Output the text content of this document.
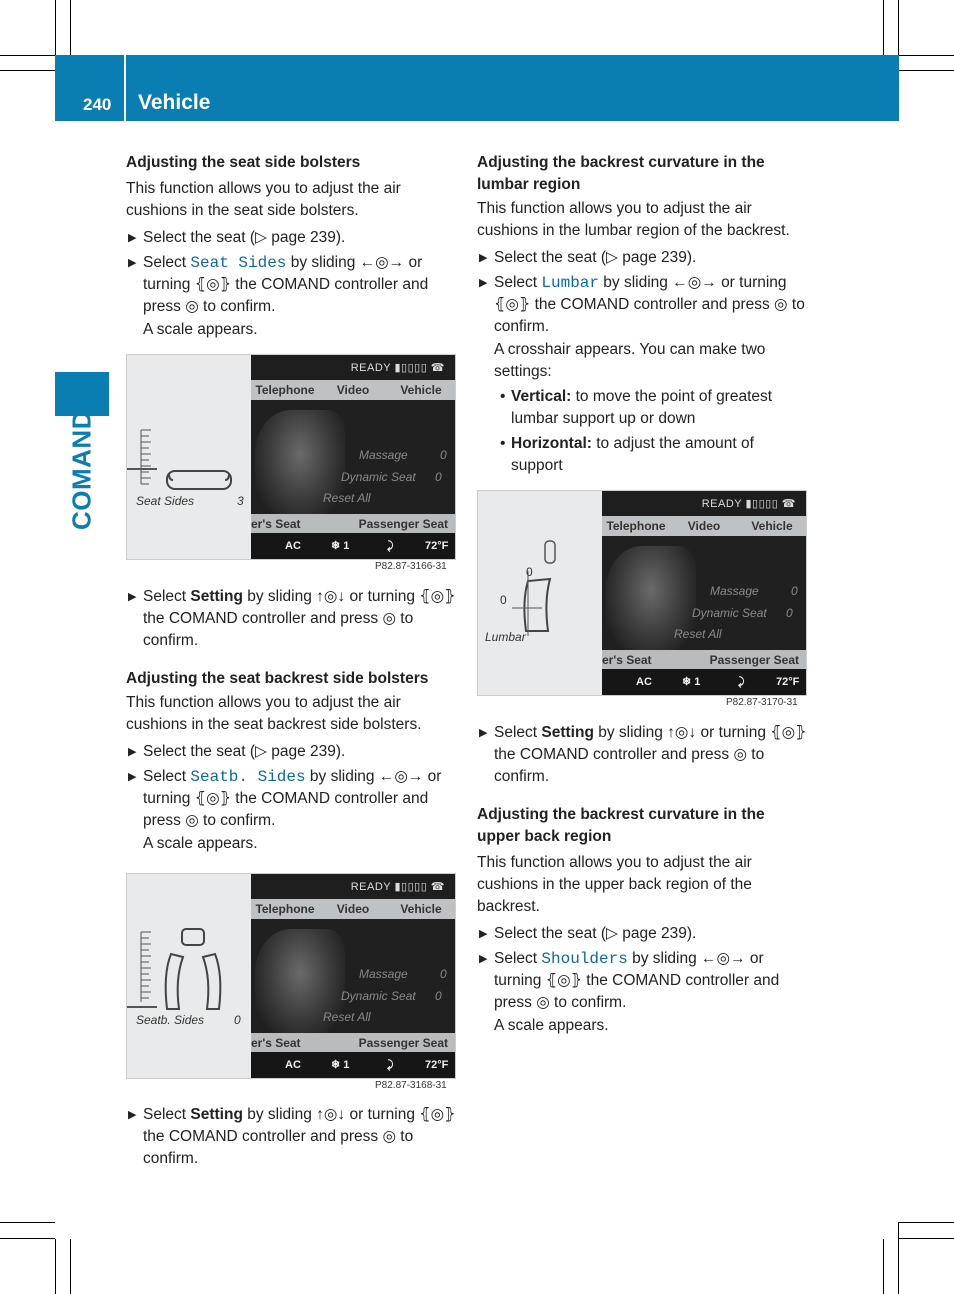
240 Vehicle
COMAND
Adjusting the seat side bolsters

This function allows you to adjust the air cushions in the seat side bolsters.

▶ Select the seat (▷ page 239).
▶ Select Seat Sides by sliding ←◎→ or turning ⦃◎⦄ the COMAND controller and press ◎ to confirm.
A scale appears.
Seat Sides	3
READY ▮▯▯▯▯ ☎
Telephone	Video	Vehicle
Massage	0
Dynamic Seat 0
Reset All
er's Seat	Passenger Seat
AC	❄ 1	⤸	72°F
P82.87-3166-31
▶ Select Setting by sliding ↑◎↓ or turning ⦃◎⦄ the COMAND controller and press ◎ to confirm.
Adjusting the seat backrest side bolsters

This function allows you to adjust the air cushions in the seat backrest side bolsters.

▶ Select the seat (▷ page 239).
▶ Select Seatb. Sides by sliding ←◎→ or turning ⦃◎⦄ the COMAND controller and press ◎ to confirm.
A scale appears.
Seatb. Sides 0
READY ▮▯▯▯▯ ☎
Telephone	Video	Vehicle
Massage	0
Dynamic Seat 0
Reset All
er's Seat	Passenger Seat
AC	❄ 1	⤸	72°F
P82.87-3168-31
▶ Select Setting by sliding ↑◎↓ or turning ⦃◎⦄ the COMAND controller and press ◎ to confirm.
Adjusting the backrest curvature in the lumbar region

This function allows you to adjust the air cushions in the lumbar region of the backrest.

▶ Select the seat (▷ page 239).
▶ Select Lumbar by sliding ←◎→ or turning ⦃◎⦄ the COMAND controller and press ◎ to confirm.
A crosshair appears. You can make two settings:
• Vertical: to move the point of greatest lumbar support up or down
• Horizontal: to adjust the amount of support
0
0
Lumbar
READY ▮▯▯▯▯ ☎
Telephone	Video	Vehicle
Massage	0
Dynamic Seat 0
Reset All
er's Seat	Passenger Seat
AC	❄ 1	⤸	72°F
P82.87-3170-31
▶ Select Setting by sliding ↑◎↓ or turning ⦃◎⦄ the COMAND controller and press ◎ to confirm.
Adjusting the backrest curvature in the upper back region

This function allows you to adjust the air cushions in the upper back region of the backrest.

▶ Select the seat (▷ page 239).
▶ Select Shoulders by sliding ←◎→ or turning ⦃◎⦄ the COMAND controller and press ◎ to confirm.
A scale appears.
